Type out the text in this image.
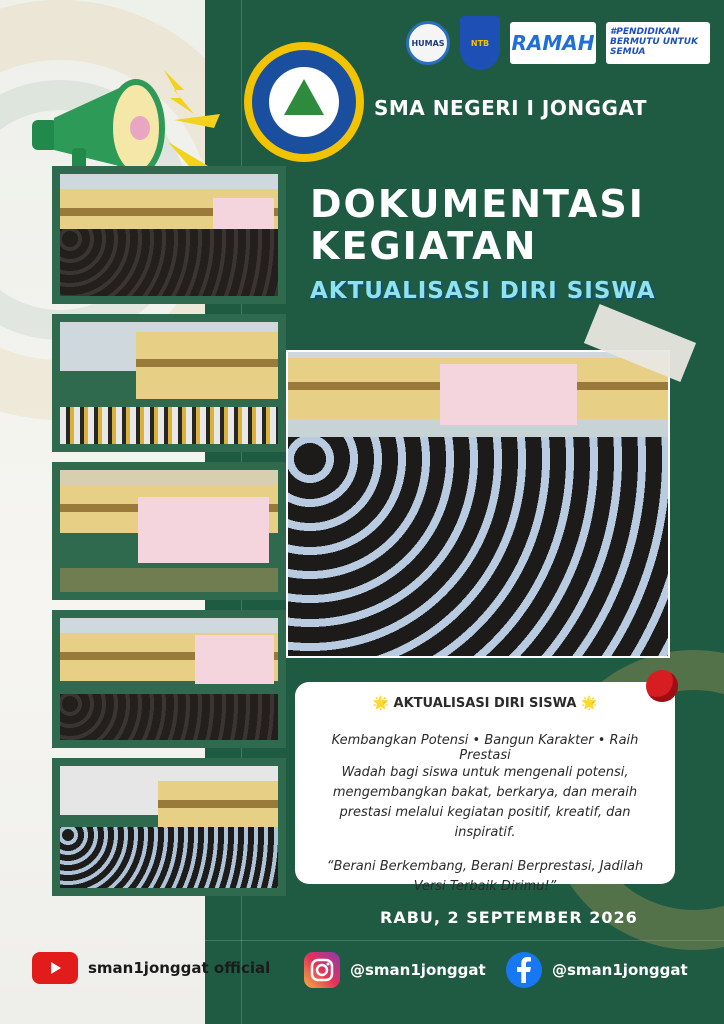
SMA NEGERI I JONGGAT
HUMAS	NTB	RAMAH	#PENDIDIKAN BERMUTU UNTUK SEMUA
DOKUMENTASI
KEGIATAN
AKTUALISASI DIRI SISWA
🌟 AKTUALISASI DIRI SISWA 🌟
Kembangkan Potensi • Bangun Karakter • Raih Prestasi
Wadah bagi siswa untuk mengenali potensi, mengembangkan bakat, berkarya, dan meraih prestasi melalui kegiatan positif, kreatif, dan inspiratif.
“Berani Berkembang, Berani Berprestasi, Jadilah Versi Terbaik Dirimu!”
RABU, 2 SEPTEMBER 2026
sman1jonggat official	@sman1jonggat	@sman1jonggat
